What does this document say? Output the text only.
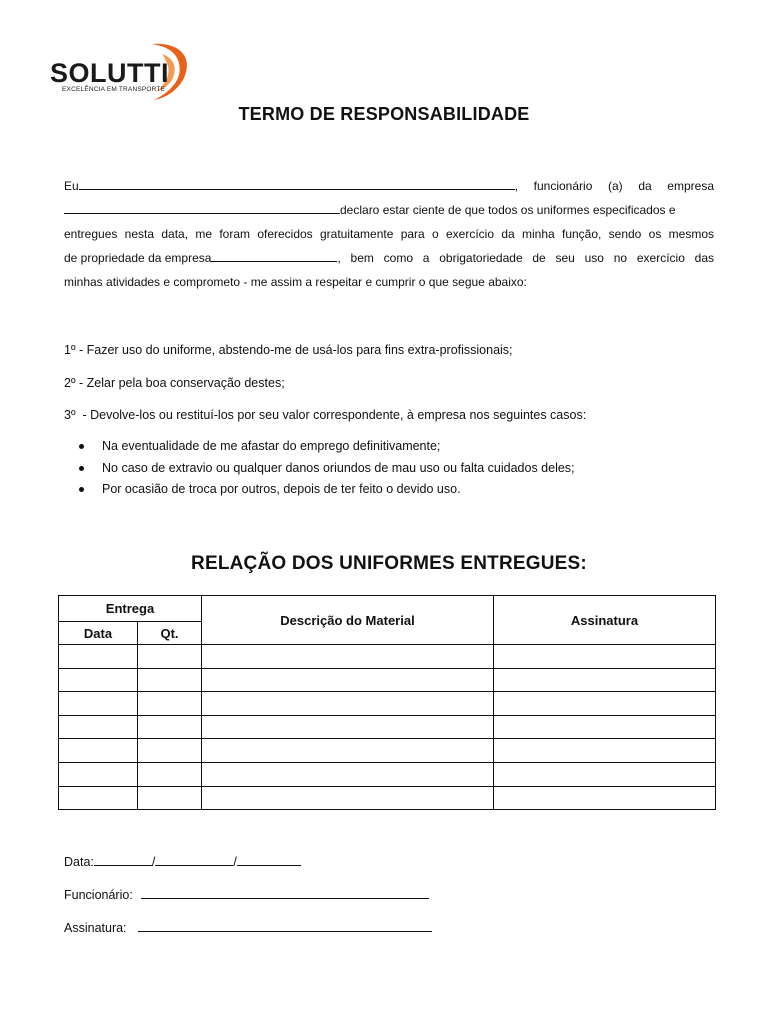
SOLUTTI
EXCELÊNCIA EM TRANSPORTE
TERMO DE RESPONSABILIDADE
Eu	, funcionário (a) da empresa
declaro estar ciente de que todos os uniformes especificados e
entregues nesta data, me foram oferecidos gratuitamente para o exercício da minha função, sendo os mesmos
de propriedade da empresa	, bem como a obrigatoriedade de seu uso no exercício das
minhas atividades e comprometo - me assim a respeitar e cumprir o que segue abaixo:
1º - Fazer uso do uniforme, abstendo-me de usá-los para fins extra-profissionais;
2º - Zelar pela boa conservação destes;
3º  - Devolve-los ou restituí-los por seu valor correspondente, à empresa nos seguintes casos:
Na eventualidade de me afastar do emprego definitivamente;
No caso de extravio ou qualquer danos oriundos de mau uso ou falta cuidados deles;
Por ocasião de troca por outros, depois de ter feito o devido uso.
RELAÇÃO DOS UNIFORMES ENTREGUES:
Entrega		Descrição do Material	Assinatura
Data	Qt.		

Data:	/	/
Funcionário:
Assinatura:
